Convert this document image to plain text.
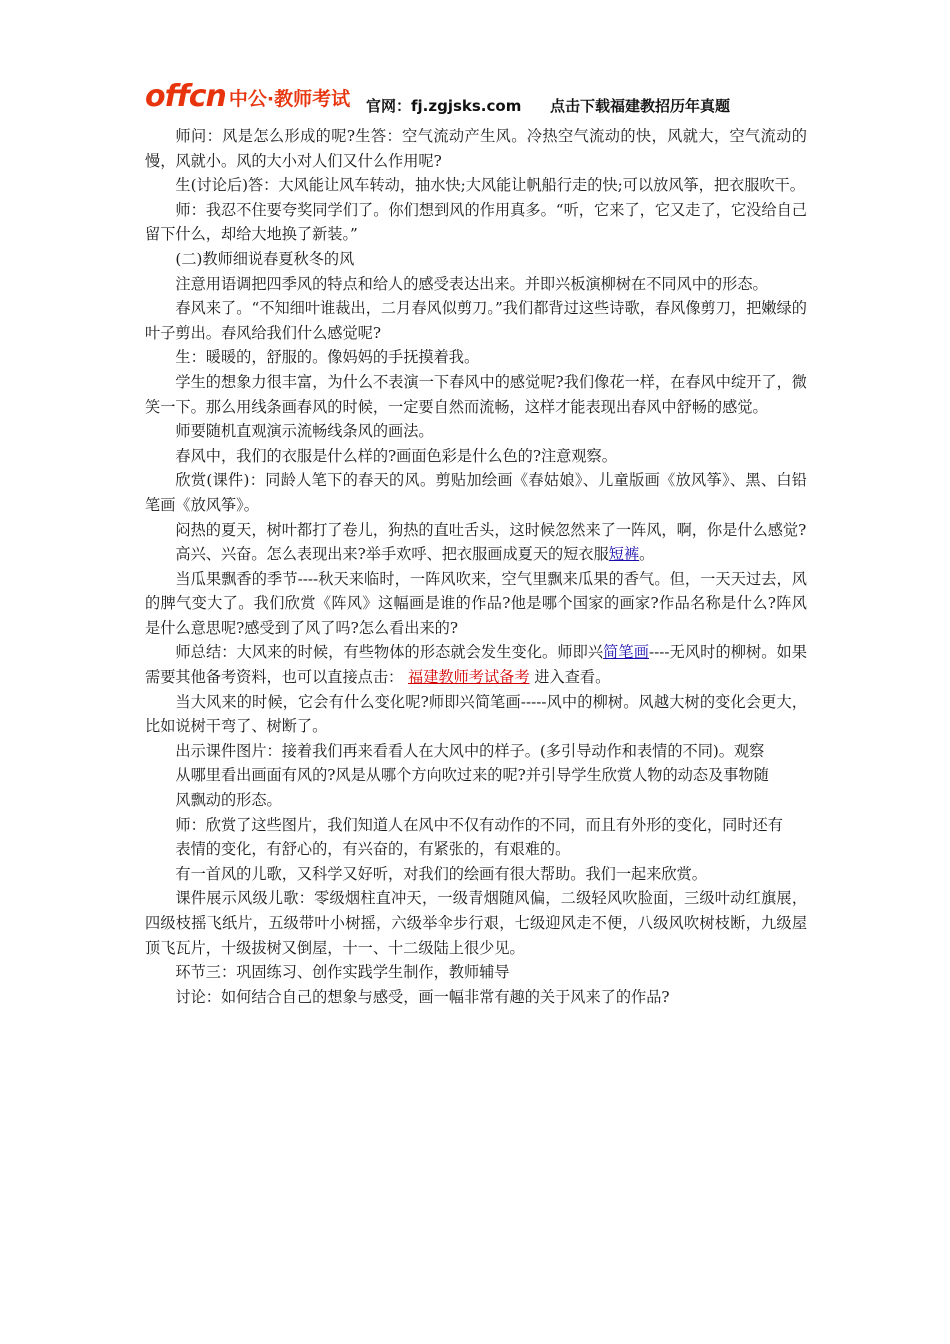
offcn 中公·教师考试 官网：fj.zgjsks.com 点击下载福建教招历年真题

师问：风是怎么形成的呢?生答：空气流动产生风。冷热空气流动的快，风就大，空气流动的慢，风就小。风的大小对人们又什么作用呢?

生(讨论后)答：大风能让风车转动，抽水快;大风能让帆船行走的快;可以放风筝，把衣服吹干。

师：我忍不住要夸奖同学们了。你们想到风的作用真多。“听，它来了，它又走了，它没给自己留下什么，却给大地换了新装。”

(二)教师细说春夏秋冬的风

注意用语调把四季风的特点和给人的感受表达出来。并即兴板演柳树在不同风中的形态。

春风来了。“不知细叶谁裁出，二月春风似剪刀。”我们都背过这些诗歌，春风像剪刀，把嫩绿的叶子剪出。春风给我们什么感觉呢?

生：暖暖的，舒服的。像妈妈的手抚摸着我。

学生的想象力很丰富，为什么不表演一下春风中的感觉呢?我们像花一样，在春风中绽开了，微笑一下。那么用线条画春风的时候，一定要自然而流畅，这样才能表现出春风中舒畅的感觉。

师要随机直观演示流畅线条风的画法。

春风中，我们的衣服是什么样的?画面色彩是什么色的?注意观察。

欣赏(课件)：同龄人笔下的春天的风。剪贴加绘画《春姑娘》、儿童版画《放风筝》、黑、白铅笔画《放风筝》。

闷热的夏天，树叶都打了卷儿，狗热的直吐舌头，这时候忽然来了一阵风，啊，你是什么感觉?

高兴、兴奋。怎么表现出来?举手欢呼、把衣服画成夏天的短衣服短裤。

当瓜果飘香的季节----秋天来临时，一阵风吹来，空气里飘来瓜果的香气。但，一天天过去，风的脾气变大了。我们欣赏《阵风》这幅画是谁的作品?他是哪个国家的画家?作品名称是什么?阵风是什么意思呢?感受到了风了吗?怎么看出来的?

师总结：大风来的时候，有些物体的形态就会发生变化。师即兴简笔画----无风时的柳树。如果需要其他备考资料，也可以直接点击： 福建教师考试备考 进入查看。

当大风来的时候，它会有什么变化呢?师即兴简笔画-----风中的柳树。风越大树的变化会更大，比如说树干弯了、树断了。

出示课件图片：接着我们再来看看人在大风中的样子。(多引导动作和表情的不同)。观察

从哪里看出画面有风的?风是从哪个方向吹过来的呢?并引导学生欣赏人物的动态及事物随

风飘动的形态。

师：欣赏了这些图片，我们知道人在风中不仅有动作的不同，而且有外形的变化，同时还有

表情的变化，有舒心的，有兴奋的，有紧张的，有艰难的。

有一首风的儿歌，又科学又好听，对我们的绘画有很大帮助。我们一起来欣赏。

课件展示风级儿歌：零级烟柱直冲天，一级青烟随风偏，二级轻风吹脸面，三级叶动红旗展，四级枝摇飞纸片，五级带叶小树摇，六级举伞步行艰，七级迎风走不便，八级风吹树枝断，九级屋顶飞瓦片，十级拔树又倒屋，十一、十二级陆上很少见。

环节三：巩固练习、创作实践学生制作，教师辅导

讨论：如何结合自己的想象与感受，画一幅非常有趣的关于风来了的作品?
